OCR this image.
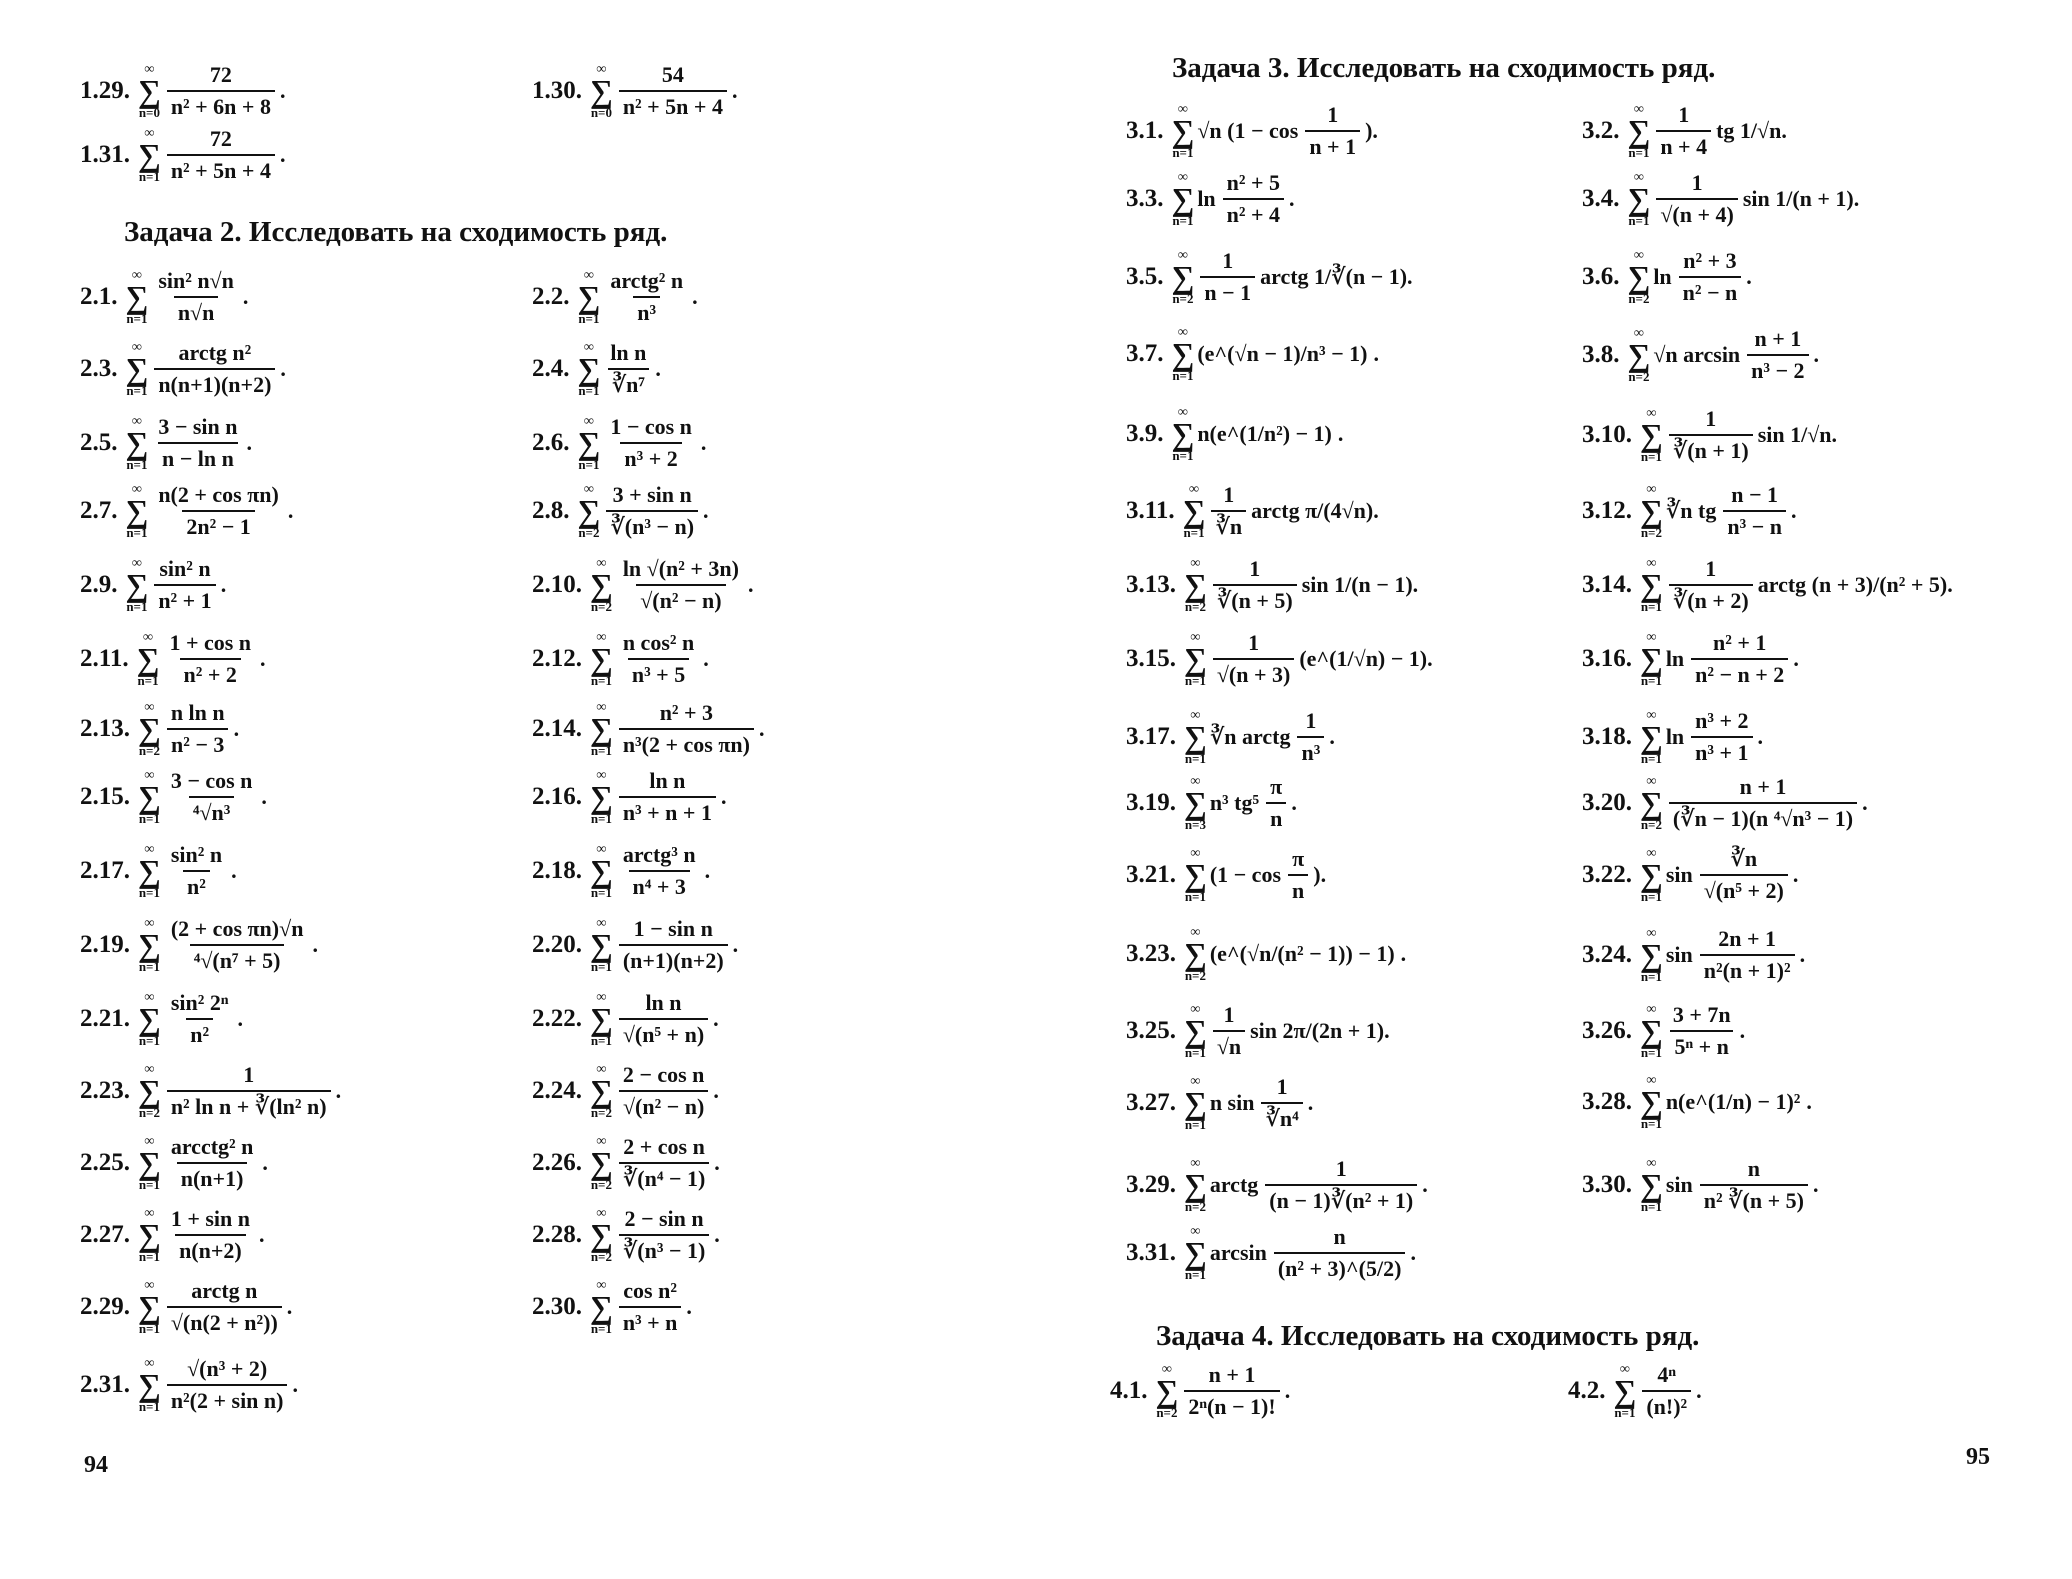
Задача 2. Исследовать на сходимость ряд.
1.29.
∞
∑
$n=0 \frac{72}{\text{n² + 6n + 8}}$ .	1.30.
∞
∑
$n=0 \frac{54}{\text{n² + 5n + 4}}$ .
1.31.
∞
∑
$n=1 \frac{72}{\text{n² + 5n + 4}}$ .
2.1.
∞
∑
$n=1 \frac{\text{sin² n√n}}{n√n}$ .	2.2.
∞
∑
$n=1 \frac{\text{arctg² n}}{\text{n³}}$ .
2.3.
∞
∑
$n=1 \frac{\text{arctg n²}}{n(n+1)(n+2)}$ .	2.4.
∞
∑
$n=1 \frac{\text{ln n}}{\text{∛n⁷}}$ .
2.5.
∞
∑
$n=1 \frac{\text{3 − sin n}}{\text{n − ln n}}$ .	2.6.
∞
∑
$n=1 \frac{\text{1 − cos n}}{\text{n³ + 2}}$ .
2.7.
∞
∑
$n=1 \frac{\text{n(2 + cos πn)}}{\text{2n² − 1}}$ .	2.8.
∞
∑
$n=2 \frac{\text{3 + sin n}}{\text{∛(n³ − n)}}$ .
2.9.
∞
∑
$n=1 \frac{\text{sin² n}}{\text{n² + 1}}$ .	2.10.
∞
∑
$n=2 \frac{\text{ln √(n² + 3n)}}{\text{√(n² − n)}}$ .
2.11.
∞
∑
$n=1 \frac{\text{1 + cos n}}{\text{n² + 2}}$ .	2.12.
∞
∑
$n=1 \frac{\text{n cos² n}}{\text{n³ + 5}}$ .
2.13.
∞
∑
$n=2 \frac{\text{n ln n}}{\text{n² − 3}}$ .	2.14.
∞
∑
$n=1 \frac{\text{n² + 3}}{\text{n³(2 + cos πn)}}$ .
2.15.
∞
∑
$n=1 \frac{\text{3 − cos n}}{\text{⁴√n³}}$ .	2.16.
∞
∑
$n=1 \frac{\text{ln n}}{\text{n³ + n + 1}}$ .
2.17.
∞
∑
$n=1 \frac{\text{sin² n}}{\text{n²}}$ .	2.18.
∞
∑
$n=1 \frac{\text{arctg³ n}}{\text{n⁴ + 3}}$ .
2.19.
∞
∑
$n=1 \frac{\text{(2 + cos πn)√n}}{\text{⁴√(n⁷ + 5)}}$ .	2.20.
∞
∑
$n=1 \frac{\text{1 − sin n}}{(n+1)(n+2)}$ .
2.21.
∞
∑
$n=1 \frac{\text{sin² 2ⁿ}}{\text{n²}}$ .	2.22.
∞
∑
$n=1 \frac{\text{ln n}}{\text{√(n⁵ + n)}}$ .
2.23.
∞
∑
$n=2 \frac{1}{\text{n² ln n + ∛(ln² n)}}$ .	2.24.
∞
∑
$n=2 \frac{\text{2 − cos n}}{\text{√(n² − n)}}$ .
2.25.
∞
∑
$n=1 \frac{\text{arcctg² n}}{n(n+1)}$ .	2.26.
∞
∑
$n=2 \frac{\text{2 + cos n}}{\text{∛(n⁴ − 1)}}$ .
2.27.
∞
∑
$n=1 \frac{\text{1 + sin n}}{n(n+2)}$ .	2.28.
∞
∑
$n=2 \frac{\text{2 − sin n}}{\text{∛(n³ − 1)}}$ .
2.29.
∞
∑
$n=1 \frac{\text{arctg n}}{\text{√(n(2 + n²))}}$ .	2.30.
∞
∑
$n=1 \frac{\text{cos n²}}{\text{n³ + n}}$ .
2.31.
∞
∑
$n=1 \frac{\text{√(n³ + 2)}}{\text{n²(2 + sin n)}}$ .
94
Задача 3. Исследовать на сходимость ряд.
Задача 4. Исследовать на сходимость ряд.
3.1.
∞
∑
n=1
√n ($1 - \cos \frac{1}{n + 1}$ ).	3.2.
∞
∑
$n=1 \frac{1}{n + 4}$ tg 1/√n.
3.3.
∞
∑
n=1
$\ln \frac{\text{n² + 5}}{\text{n² + 4}}$ .	3.4.
∞
∑
$n=1 \frac{1}{√(n + 4)}$ sin 1/(n + 1).
3.5.
∞
∑
$n=2 \frac{1}{n - 1}$ arctg 1/∛(n − 1).	3.6.
∞
∑
n=2
$\ln \frac{\text{n² + 3}}{\text{n² − n}}$ .
3.7.
∞
∑
n=1
(e^(√n − 1)/n³ − 1) .	3.8.
∞
∑
n=2
√n $\arcsin \frac{n + 1}{\text{n³ − 2}}$ .
3.9.
∞
∑
n=1
n(e^(1/n²) − 1) .	3.10.
∞
∑
$n=1 \frac{1}{∛(n + 1)}$ sin 1/√n.
3.11.
∞
∑
$n=1 \frac{1}{∛n}$ arctg π/(4√n).	3.12.
∞
∑
n=2
∛n tg $\frac{n - 1}{\text{n³ − n}}$ .
3.13.
∞
∑
$n=2 \frac{1}{∛(n + 5)}$ sin 1/(n − 1).	3.14.
∞
∑
$n=1 \frac{1}{∛(n + 2)}$ arctg (n + 3)/(n² + 5).
3.15.
∞
∑
$n=1 \frac{1}{√(n + 3)}$ (e^(1/√n) − 1).	3.16.
∞
∑
n=1
$\ln \frac{\text{n² + 1}}{\text{n² − n + 2}}$ .
3.17.
∞
∑
n=1
∛n arctg $\frac{1}{\text{n³}}$ .	3.18.
∞
∑
n=1
$\ln \frac{\text{n³ + 2}}{\text{n³ + 1}}$ .
3.19.
∞
∑
n=3
n³ $tg^5 \frac{\pi}{n}$ .	3.20.
∞
∑
$n=2 \frac{n + 1}{\text{(∛n − 1)(n ⁴√n³ − 1)}}$ .
3.21.
∞
∑
n=1
($1 - \cos \frac{\pi}{n}$ ).	3.22.
∞
∑
n=1
$\sin \frac{∛n}{\text{√(n⁵ + 2)}}$ .
3.23.
∞
∑
n=2
(e^(√n/(n² − 1)) − 1) .	3.24.
∞
∑
n=1
$\sin \frac{2n + 1}{\text{n²(n + 1)²}}$ .
3.25.
∞
∑
$n=1 \frac{1}{√n}$ sin 2π/(2n + 1).	3.26.
∞
∑
$n=1 \frac{3 + 7n}{\text{5ⁿ + n}}$ .
3.27.
∞
∑
n=1
n $\sin \frac{1}{\text{∛n⁴}}$ .	3.28.
∞
∑
n=1
n(e^(1/n) − 1)² .
3.29.
∞
∑
n=2
arctg $\frac{1}{\text{(n − 1)∛(n² + 1)}}$ .	3.30.
∞
∑
n=1
$\sin \frac{n}{\text{n² ∛(n + 5)}}$ .
3.31.
∞
∑
n=1
$\arcsin \frac{n}{\text{(n² + 3)\textasciicircum{}(5/2)}}$ .
4.1.
∞
∑
$n=2 \frac{n + 1}{\text{2ⁿ(n − 1)!}}$ .	4.2.
∞
∑
$n=1 \frac{\text{4ⁿ}}{\text{(n!)²}}$ .
95
